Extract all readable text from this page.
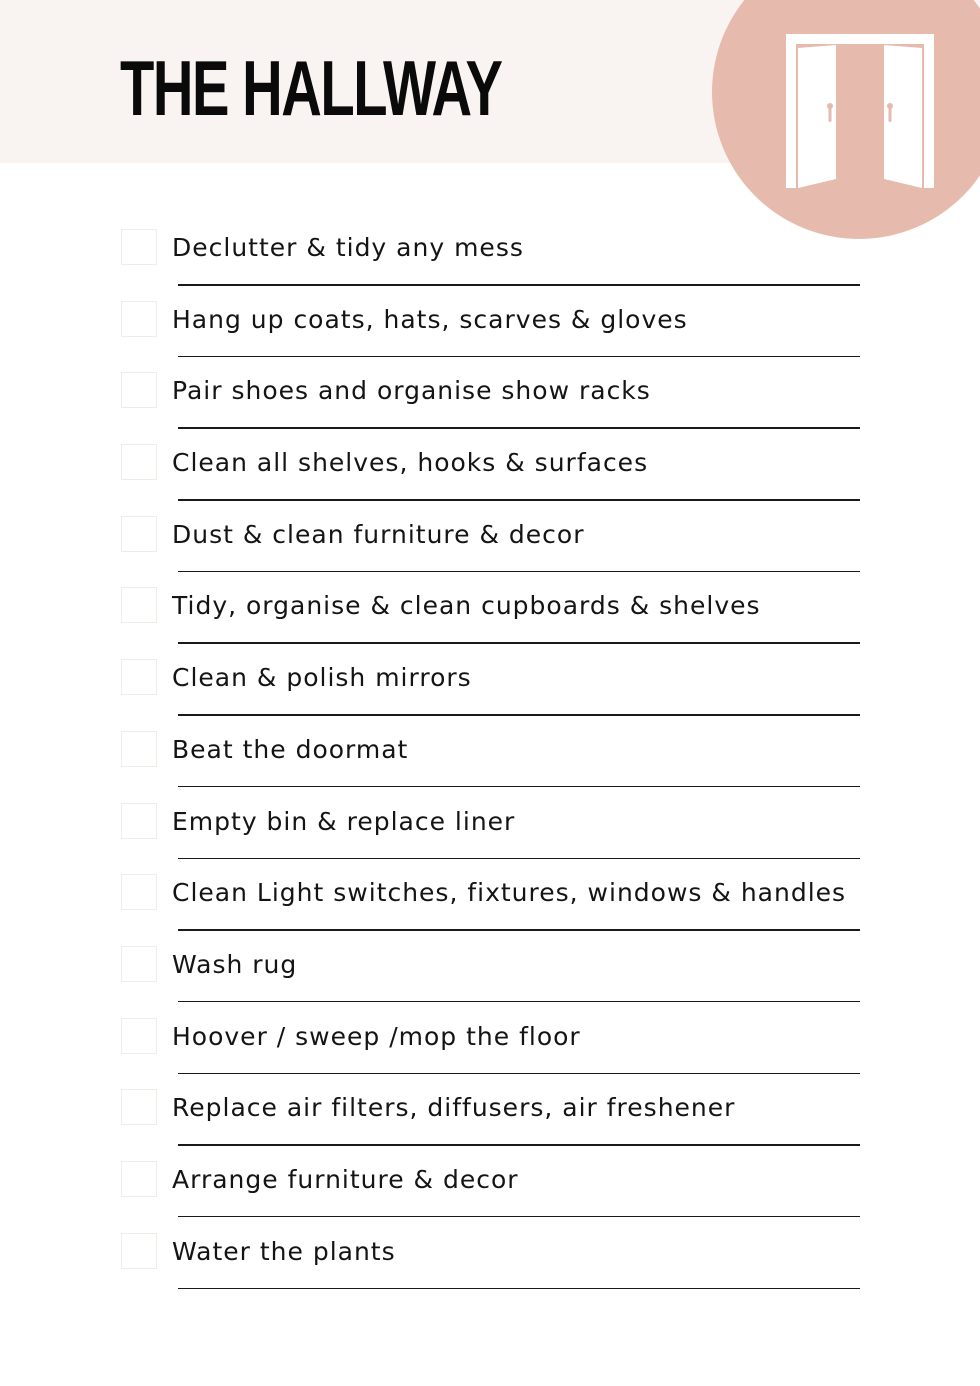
THE HALLWAY
Declutter & tidy any mess
Hang up coats, hats, scarves & gloves
Pair shoes and organise show racks
Clean all shelves, hooks & surfaces
Dust & clean furniture & decor
Tidy, organise & clean cupboards & shelves
Clean & polish mirrors
Beat the doormat
Empty bin & replace liner
Clean Light switches, fixtures, windows & handles
Wash rug
Hoover / sweep /mop the floor
Replace air filters, diffusers, air freshener
Arrange furniture & decor
Water the plants
